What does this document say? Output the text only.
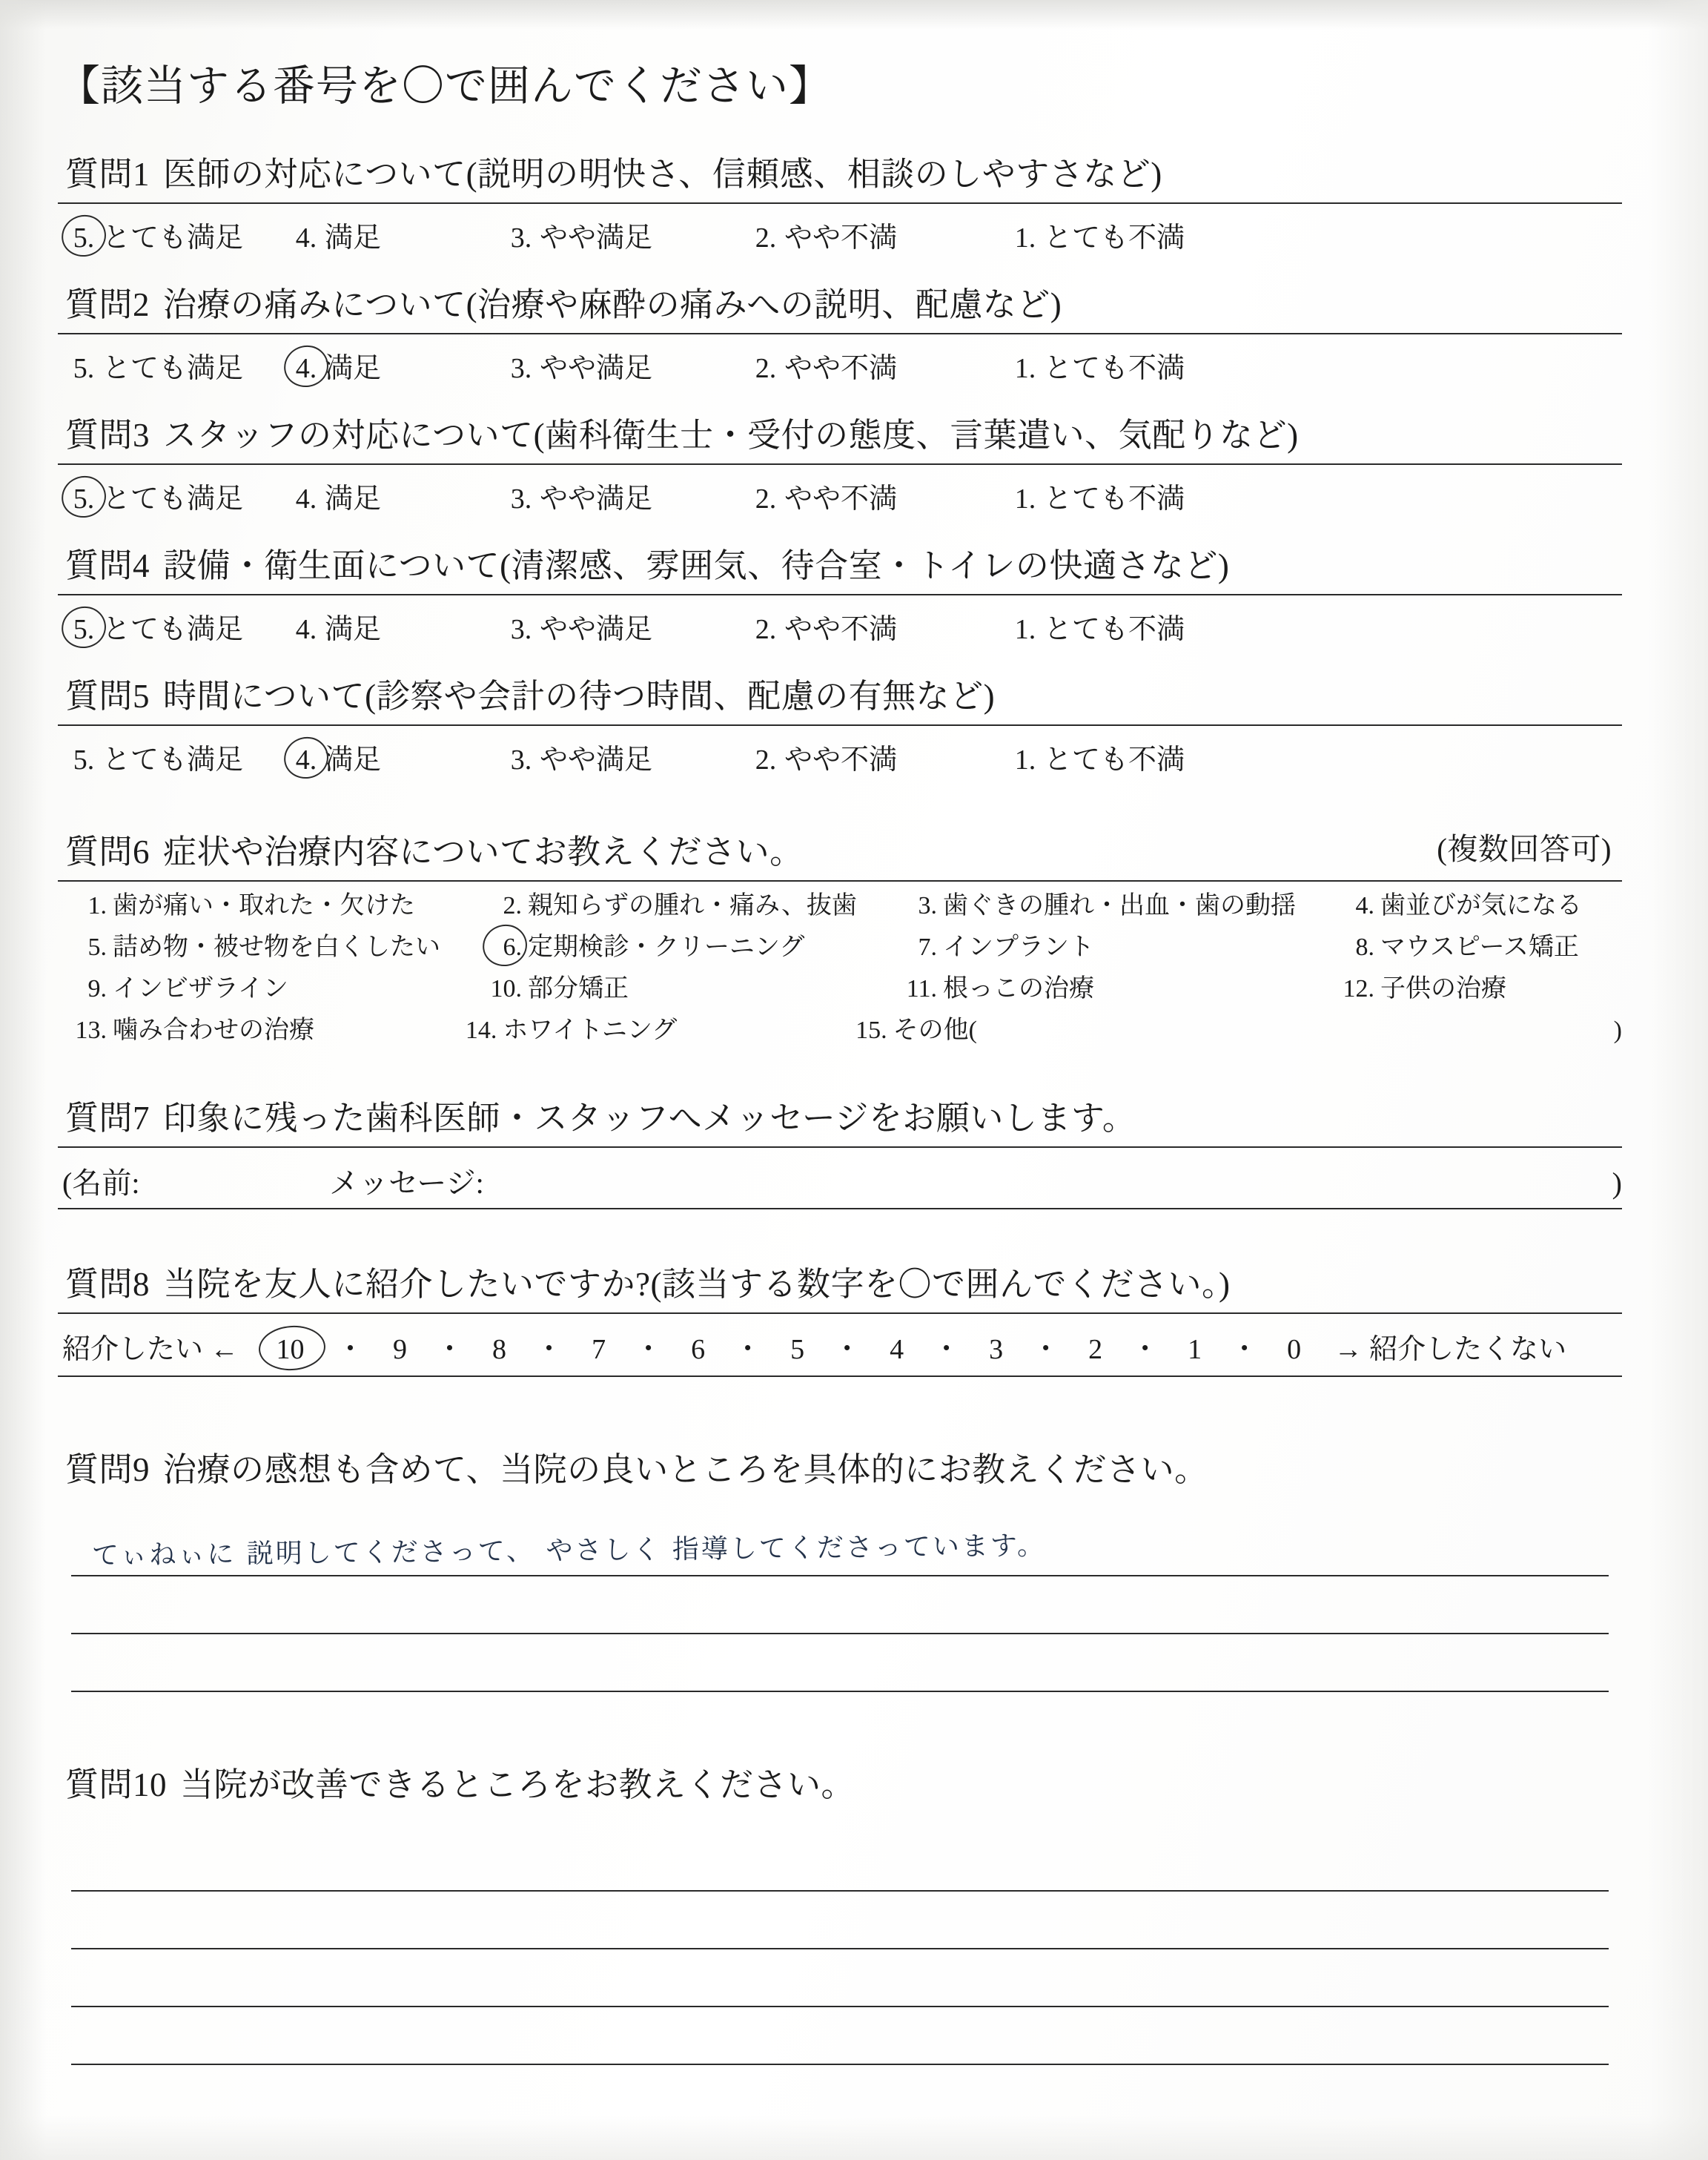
【該当する番号を〇で囲んでください】
質問1 医師の対応について(説明の明快さ、信頼感、相談のしやすさなど)
5. とても満足 4. 満足	3. やや満足	2. やや不満	1. とても不満
質問2 治療の痛みについて(治療や麻酔の痛みへの説明、配慮など)
5. とても満足 4. 満足	3. やや満足	2. やや不満	1. とても不満
質問3 スタッフの対応について(歯科衛生士・受付の態度、言葉遣い、気配りなど)
5. とても満足 4. 満足	3. やや満足	2. やや不満	1. とても不満
質問4 設備・衛生面について(清潔感、雰囲気、待合室・トイレの快適さなど)
5. とても満足 4. 満足	3. やや満足	2. やや不満	1. とても不満
質問5 時間について(診察や会計の待つ時間、配慮の有無など)
5. とても満足 4. 満足	3. やや満足	2. やや不満	1. とても不満
質問6 症状や治療内容についてお教えください。	(複数回答可)
1. 歯が痛い・取れた・欠けた	2. 親知らずの腫れ・痛み、抜歯	3. 歯ぐきの腫れ・出血・歯の動揺	4. 歯並びが気になる
5. 詰め物・被せ物を白くしたい	6. 定期検診・クリーニング	7. インプラント	8. マウスピース矯正
9. インビザライン	10. 部分矯正	11. 根っこの治療	12. 子供の治療
13. 噛み合わせの治療	14. ホワイトニング	15. その他(	)
質問7 印象に残った歯科医師・スタッフへメッセージをお願いします。
(名前:	メッセージ:	)
質問8 当院を友人に紹介したいですか?(該当する数字を〇で囲んでください。)
紹介したい ←	10	・	9	・	8	・	7	・	6	・	5	・	4	・	3	・	2	・	1	・	0	→ 紹介したくない
質問9 治療の感想も含めて、当院の良いところを具体的にお教えください。
てぃねぃに 説明してくださって、 やさしく 指導してくださっています。
質問10 当院が改善できるところをお教えください。
